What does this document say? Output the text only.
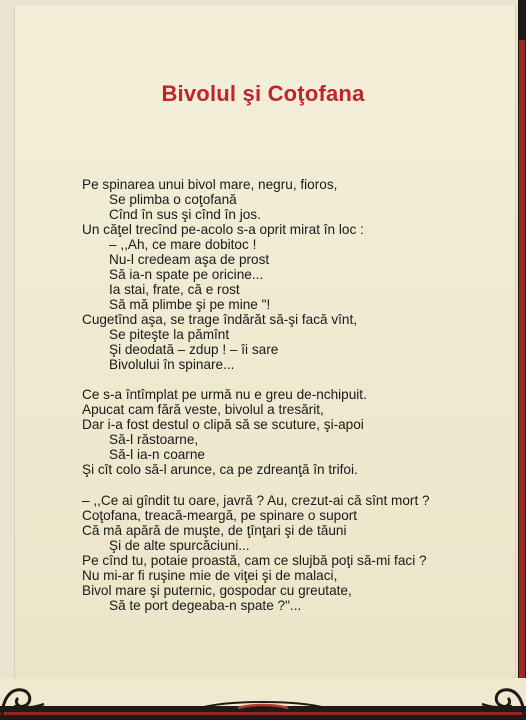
Bivolul şi Coţofana
Pe spinarea unui bivol mare, negru, fioros,
Se plimba o coţofană
Cînd în sus şi cînd în jos.
Un căţel trecînd pe-acolo s-a oprit mirat în loc :
– ,,Ah, ce mare dobitoc !
Nu-l credeam aşa de prost
Să ia-n spate pe oricine...
Ia stai, frate, că e rost
Să mă plimbe şi pe mine "!
Cugetînd aşa, se trage îndărăt să-şi facă vînt,
Se piteşte la pămînt
Şi deodată – zdup ! – îi sare
Bivolului în spinare...
Ce s-a întîmplat pe urmă nu e greu de-nchipuit.
Apucat cam fără veste, bivolul a tresărit,
Dar i-a fost destul o clipă să se scuture, şi-apoi
Să-l răstoarne,
Să-l ia-n coarne
Şi cît colo să-l arunce, ca pe zdreanţă în trifoi.
– ,,Ce ai gîndit tu oare, javră ? Au, crezut-ai că sînt mort ?
Coţofana, treacă-meargă, pe spinare o suport
Că mă apără de muşte, de ţînţari şi de tăuni
Şi de alte spurcăciuni...
Pe cînd tu, potaie proastă, cam ce slujbă poţi să-mi faci ?
Nu mi-ar fi ruşine mie de viţei şi de malaci,
Bivol mare şi puternic, gospodar cu greutate,
Să te port degeaba-n spate ?"...
